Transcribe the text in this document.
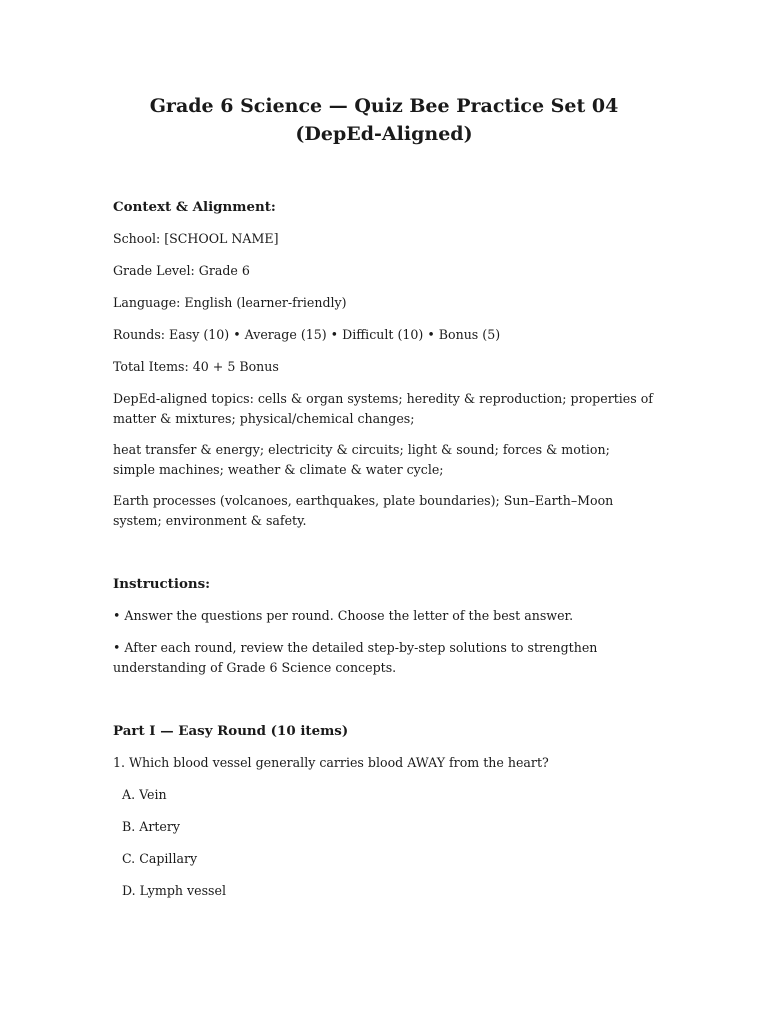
Grade 6 Science — Quiz Bee Practice Set 04
(DepEd-Aligned)

Context & Alignment:

School: [SCHOOL NAME]

Grade Level: Grade 6

Language: English (learner-friendly)

Rounds: Easy (10) • Average (15) • Difficult (10) • Bonus (5)

Total Items: 40 + 5 Bonus

DepEd-aligned topics: cells & organ systems; heredity & reproduction; properties of matter & mixtures; physical/chemical changes;

heat transfer & energy; electricity & circuits; light & sound; forces & motion; simple machines; weather & climate & water cycle;

Earth processes (volcanoes, earthquakes, plate boundaries); Sun–Earth–Moon system; environment & safety.

Instructions:

• Answer the questions per round. Choose the letter of the best answer.

• After each round, review the detailed step-by-step solutions to strengthen understanding of Grade 6 Science concepts.

Part I — Easy Round (10 items)

1. Which blood vessel generally carries blood AWAY from the heart?

A. Vein

B. Artery

C. Capillary

D. Lymph vessel
